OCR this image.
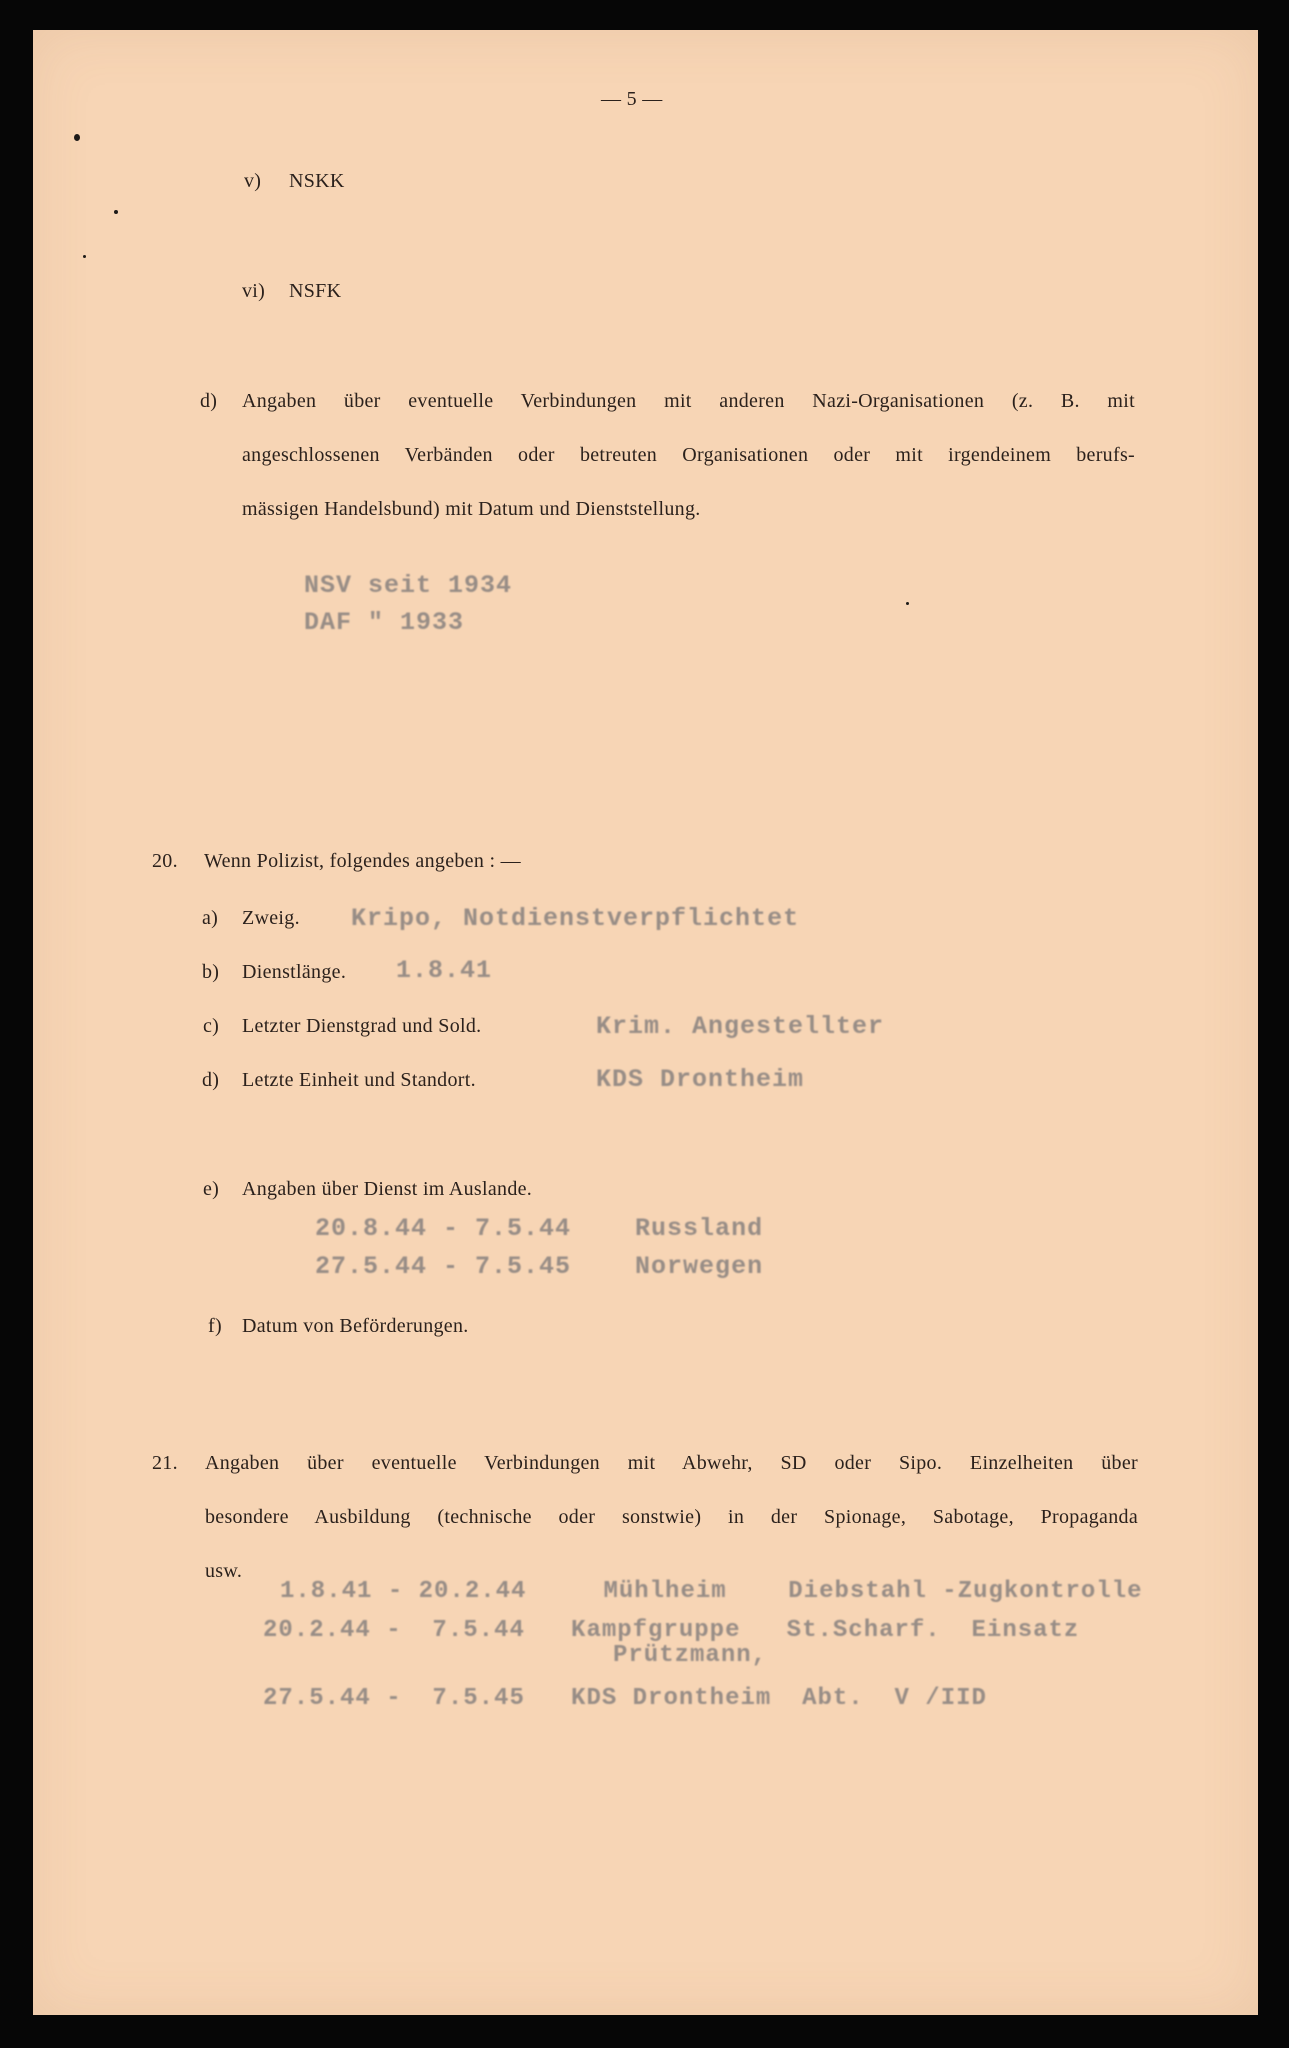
— 5 —
v) NSKK
vi) NSFK
d) Angaben über eventuelle Verbindungen mit anderen Nazi-Organisationen (z. B. mit
angeschlossenen Verbänden oder betreuten Organisationen oder mit irgendeinem berufs-
mässigen Handelsbund) mit Datum und Dienststellung.
NSV seit 1934
DAF " 1933
20. Wenn Polizist, folgendes angeben : —
a) Zweig. Kripo, Notdienstverpflichtet
b) Dienstlänge. 1.8.41
c) Letzter Dienstgrad und Sold.	Krim. Angestellter
d) Letzte Einheit und Standort.	KDS Drontheim
e) Angaben über Dienst im Auslande.
20.8.44 - 7.5.44    Russland
27.5.44 - 7.5.45    Norwegen
f) Datum von Beförderungen.
21. Angaben über eventuelle Verbindungen mit Abwehr, SD oder Sipo. Einzelheiten über
besondere Ausbildung (technische oder sonstwie) in der Spionage, Sabotage, Propaganda
usw.
1.8.41 - 20.2.44     Mühlheim    Diebstahl -Zugkontrolle
20.2.44 -  7.5.44   Kampfgruppe   St.Scharf.  Einsatz
Prützmann,
27.5.44 -  7.5.45   KDS Drontheim  Abt.  V /IID
